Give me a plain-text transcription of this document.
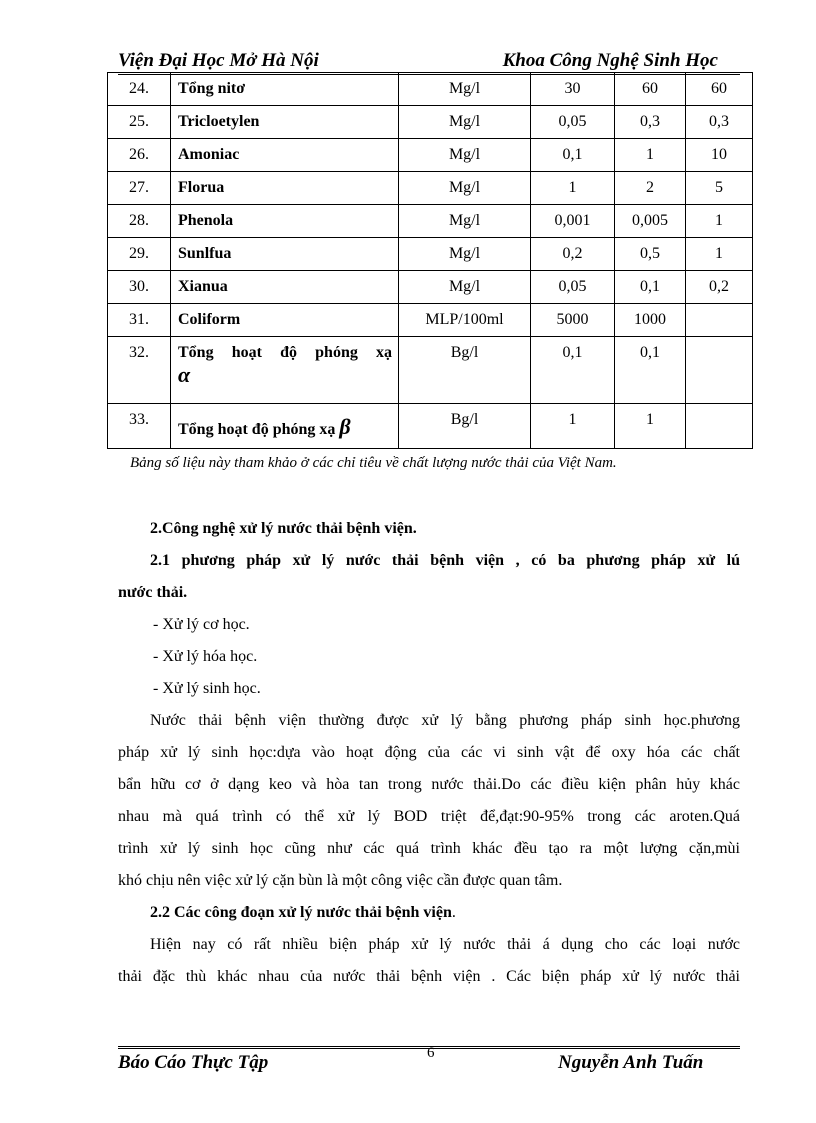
Viện Đại Học Mở Hà Nội	Khoa Công Nghệ Sinh Học
24.	Tổng nitơ	Mg/l	30	60	60

25.	Tricloetylen	Mg/l	0,05	0,3	0,3

26.	Amoniac	Mg/l	0,1	1	10

27.	Florua	Mg/l	1	2	5

28.	Phenola	Mg/l	0,001	0,005	1

29.	Sunlfua	Mg/l	0,2	0,5	1

30.	Xianua	Mg/l	0,05	0,1	0,2

31.	Coliform	MLP/100ml	5000	1000	

32.	Tổng hoạt độ phóng xạ
α	Bg/l	0,1	0,1	

33.	Tổng hoạt độ phóng xạ β	Bg/l	1	1	

Bảng số liệu này tham khảo ở các chỉ tiêu về chất lượng nước thải của Việt Nam.
2.Công nghệ xử lý nước thải bệnh viện.
2.1 phương pháp xử lý nước thải bệnh viện , có ba phương pháp xử lú
nước thải.
- Xử lý cơ học.
- Xử lý hóa học.
- Xử lý sinh học.
Nước thải bệnh viện thường được xử lý bằng phương pháp sinh học.phương
pháp xử lý sinh học:dựa vào hoạt động của các vi sinh vật để oxy hóa các chất
bẩn hữu cơ ở dạng keo và hòa tan trong nước thải.Do các điều kiện phân hủy khác
nhau mà quá trình có thể xử lý BOD triệt để,đạt:90-95% trong các aroten.Quá
trình xử lý sinh học cũng như các quá trình khác đều tạo ra một lượng cặn,mùi
khó chịu nên việc xử lý cặn bùn là một công việc cần được quan tâm.
2.2 Các công đoạn xử lý nước thải bệnh viện.
Hiện nay có rất nhiều biện pháp xử lý nước thải á dụng cho các loại nước
thải đặc thù khác nhau của nước thải bệnh viện . Các biện pháp xử lý nước thải
Báo Cáo Thực Tập	6	Nguyễn Anh Tuấn
